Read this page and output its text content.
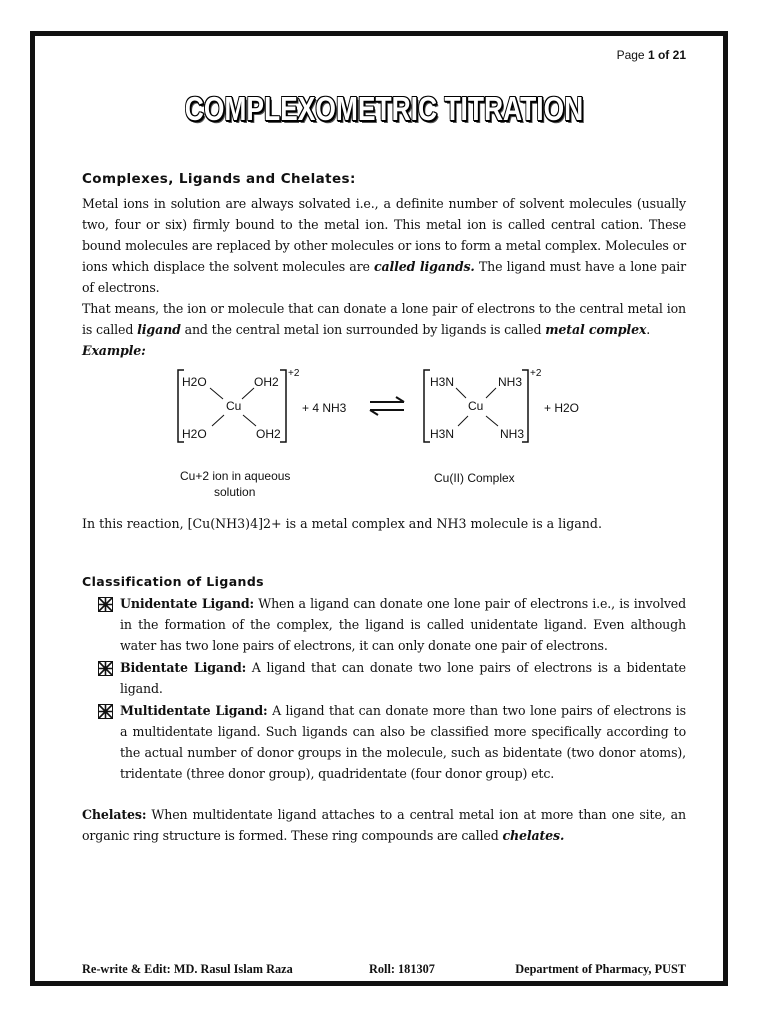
Page 1 of 21
COMPLEXOMETRIC TITRATION
Complexes, Ligands and Chelates:

Metal ions in solution are always solvated i.e., a definite number of solvent molecules (usually two, four or six) firmly bound to the metal ion. This metal ion is called central cation. These bound molecules are replaced by other molecules or ions to form a metal complex. Molecules or ions which displace the solvent molecules are called ligands. The ligand must have a lone pair of electrons.

That means, the ion or molecule that can donate a lone pair of electrons to the central metal ion is called ligand and the central metal ion surrounded by ligands is called metal complex.

Example:

H2O	OH2
Cu
H2O	OH2
+2
+ 4 NH3
H3N	NH3
Cu
H3N	NH3
+2
+ H2O
Cu+2 ion in aqueous
solution
Cu(II) Complex
In this reaction, [Cu(NH3)4]2+ is a metal complex and NH3 molecule is a ligand.
Classification of Ligands

Unidentate Ligand: When a ligand can donate one lone pair of electrons i.e., is involved in the formation of the complex, the ligand is called unidentate ligand. Even although water has two lone pairs of electrons, it can only donate one pair of electrons.

Bidentate Ligand: A ligand that can donate two lone pairs of electrons is a bidentate ligand.

Multidentate Ligand: A ligand that can donate more than two lone pairs of electrons is a multidentate ligand. Such ligands can also be classified more specifically according to the actual number of donor groups in the molecule, such as bidentate (two donor atoms), tridentate (three donor group), quadridentate (four donor group) etc.

Chelates: When multidentate ligand attaches to a central metal ion at more than one site, an organic ring structure is formed. These ring compounds are called chelates.

Re-write & Edit: MD. Rasul Islam Raza	Roll: 181307	Department of Pharmacy, PUST
